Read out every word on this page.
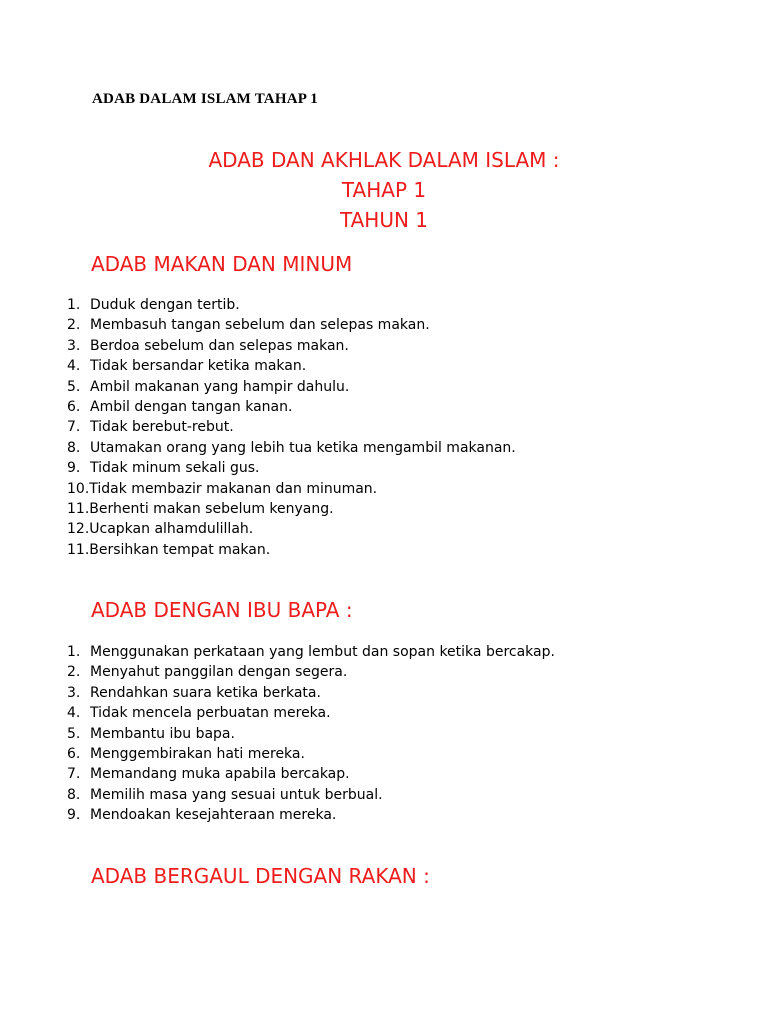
ADAB DALAM ISLAM TAHAP 1
ADAB DAN AKHLAK DALAM ISLAM :
TAHAP 1
TAHUN 1
ADAB MAKAN DAN MINUM
1. Duduk dengan tertib.
2. Membasuh tangan sebelum dan selepas makan.
3. Berdoa sebelum dan selepas makan.
4. Tidak bersandar ketika makan.
5. Ambil makanan yang hampir dahulu.
6. Ambil dengan tangan kanan.
7. Tidak berebut-rebut.
8. Utamakan orang yang lebih tua ketika mengambil makanan.
9. Tidak minum sekali gus.
10. Tidak membazir makanan dan minuman.
11. Berhenti makan sebelum kenyang.
12. Ucapkan alhamdulillah.
11. Bersihkan tempat makan.
ADAB DENGAN IBU BAPA :
1. Menggunakan perkataan yang lembut dan sopan ketika bercakap.
2. Menyahut panggilan dengan segera.
3. Rendahkan suara ketika berkata.
4. Tidak mencela perbuatan mereka.
5. Membantu ibu bapa.
6. Menggembirakan hati mereka.
7. Memandang muka apabila bercakap.
8. Memilih masa yang sesuai untuk berbual.
9. Mendoakan kesejahteraan mereka.
ADAB BERGAUL DENGAN RAKAN :
